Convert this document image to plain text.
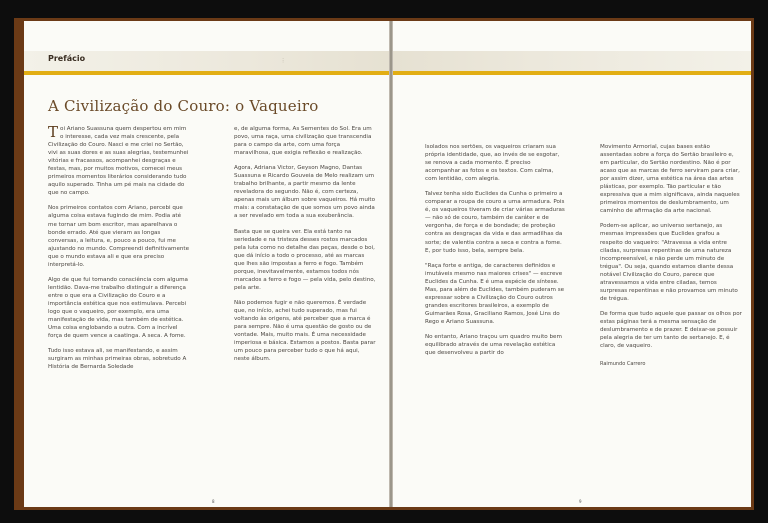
Prefácio	⁝
A Civilização do Couro: o Vaqueiro

Toi Ariano Suassuna quem despertou em mim o interesse, cada vez mais crescente, pela Civilização do Couro. Nasci e me criei no Sertão, vivi as suas dores e as suas alegrias, testemunhei vitórias e fracassos, acompanhei desgraças e festas, mas, por muitos motivos, comecei meus primeiros momentos literários considerando tudo aquilo superado. Tinha um pé mais na cidade do que no campo.

Nos primeiros contatos com Ariano, percebi que alguma coisa estava fugindo de mim. Podia até me tornar um bom escritor, mas aparelhava o bonde errado. Até que vieram as longas conversas, a leitura, e, pouco a pouco, fui me ajustando no mundo. Compreendi definitivamente que o mundo estava ali e que era preciso interpretá-lo.

Algo de que fui tomando consciência com alguma lentidão. Dava-me trabalho distinguir a diferença entre o que era a Civilização do Couro e a importância estética que nos estimulava. Percebi logo que o vaqueiro, por exemplo, era uma manifestação de vida, mas também de estética. Uma coisa englobando a outra. Com a incrível força de quem vence a caatinga. A seca. A fome.

Tudo isso estava ali, se manifestando, e assim surgiram as minhas primeiras obras, sobretudo A História de Bernarda Soledade

e, de alguma forma, As Sementes do Sol. Era um povo, uma raça, uma civilização que transcendia para o campo da arte, com uma força maravilhosa, que exigia reflexão e realização.

Agora, Adriana Victor, Geyson Magno, Dantas Suassuna e Ricardo Gouveia de Melo realizam um trabalho brilhante, a partir mesmo da lente reveladora do segundo. Não é, com certeza, apenas mais um álbum sobre vaqueiros. Há muito mais: a constatação de que somos um povo ainda a ser revelado em toda a sua exuberância.

Basta que se queira ver. Ela está tanto na seriedade e na tristeza desses rostos marcados pela luta como no detalhe das peças, desde o boi, que dá início a todo o processo, até as marcas que lhes são impostas a ferro e fogo. Também porque, inevitavelmente, estamos todos nós marcados a ferro e fogo — pela vida, pelo destino, pela arte.

Não podemos fugir e não queremos. É verdade que, no início, achei tudo superado, mas fui voltando às origens, até perceber que a marca é para sempre. Não é uma questão de gosto ou de vontade. Mais, muito mais. É uma necessidade imperiosa e básica. Estamos a postos. Basta parar um pouco para perceber tudo o que há aqui, neste álbum.

8

Isolados nos sertões, os vaqueiros criaram sua própria identidade, que, ao invés de se esgotar, se renova a cada momento. É preciso acompanhar as fotos e os textos. Com calma, com lentidão, com alegria.

Talvez tenha sido Euclides da Cunha o primeiro a comparar a roupa de couro a uma armadura. Pois é, os vaqueiros tiveram de criar várias armaduras — não só de couro, também de caráter e de vergonha, de força e de bondade; de proteção contra as desgraças da vida e das armadilhas da sorte; de valentia contra a seca e contra a fome. E, por tudo isso, bela, sempre bela.

"Raça forte e antiga, de caracteres definidos e imutáveis mesmo nas maiores crises" — escreve Euclides da Cunha. E é uma espécie de síntese. Mas, para além de Euclides, também puderam se expressar sobre a Civilização do Couro outros grandes escritores brasileiros, a exemplo de Guimarães Rosa, Graciliano Ramos, José Lins do Rego e Ariano Suassuna.

No entanto, Ariano traçou um quadro muito bem equilibrado através de uma revelação estética que desenvolveu a partir do

Movimento Armorial, cujas bases estão assentadas sobre a força do Sertão brasileiro e, em particular, do Sertão nordestino. Não é por acaso que as marcas de ferro serviram para criar, por assim dizer, uma estética na área das artes plásticas, por exemplo. Tão particular e tão expressiva que a mim significava, ainda naqueles primeiros momentos de deslumbramento, um caminho de afirmação da arte nacional.

Podem-se aplicar, ao universo sertanejo, as mesmas impressões que Euclides grafou a respeito do vaqueiro: "Atravessa a vida entre ciladas, surpresas repentinas de uma natureza incompreensível, e não perde um minuto de trégua". Ou seja, quando estamos diante dessa notável Civilização do Couro, parece que atravessamos a vida entre ciladas, temos surpresas repentinas e não provamos um minuto de trégua.

De forma que tudo aquele que passar os olhos por estas páginas terá a mesma sensação de deslumbramento e de prazer. E deixar-se possuir pela alegria de ter um tanto de sertanejo. E, é claro, de vaqueiro.

Raimundo Carrero
9
